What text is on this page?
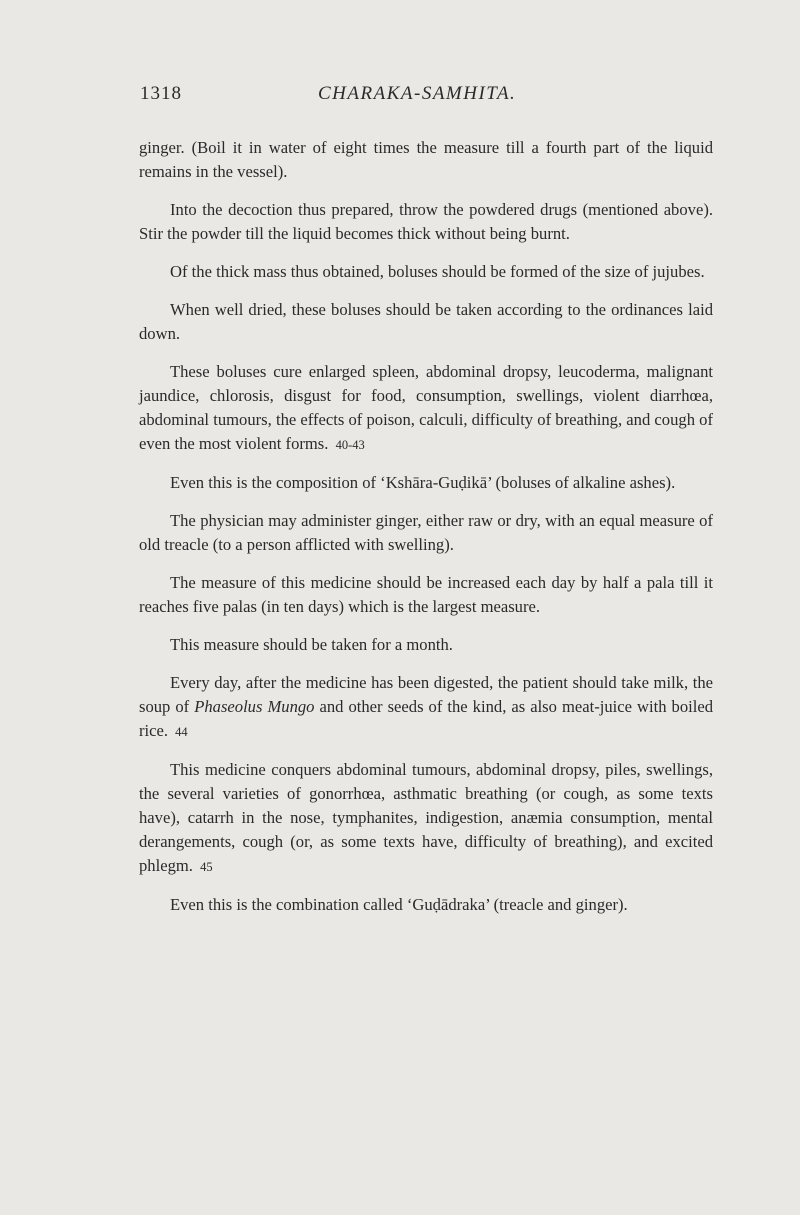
1318	CHARAKA-SAMHITA.

ginger. (Boil it in water of eight times the measure till a fourth part of the liquid remains in the vessel).

Into the decoction thus prepared, throw the powdered drugs (mentioned above). Stir the powder till the liquid becomes thick without being burnt.

Of the thick mass thus obtained, boluses should be formed of the size of jujubes.

When well dried, these boluses should be taken according to the ordinances laid down.

These boluses cure enlarged spleen, abdominal dropsy, leucoderma, malignant jaundice, chlorosis, disgust for food, consumption, swellings, violent diarrhœa, abdominal tumours, the effects of poison, calculi, difficulty of breathing, and cough of even the most violent forms. 40-43

Even this is the composition of ‘Kshāra-Guḍikā’ (boluses of alkaline ashes).

The physician may administer ginger, either raw or dry, with an equal measure of old treacle (to a person afflicted with swelling).

The measure of this medicine should be increased each day by half a pala till it reaches five palas (in ten days) which is the largest measure.

This measure should be taken for a month.

Every day, after the medicine has been digested, the patient should take milk, the soup of Phaseolus Mungo and other seeds of the kind, as also meat-juice with boiled rice. 44

This medicine conquers abdominal tumours, abdominal dropsy, piles, swellings, the several varieties of gonorrhœa, asthmatic breathing (or cough, as some texts have), catarrh in the nose, tymphanites, indigestion, anæmia consumption, mental derangements, cough (or, as some texts have, difficulty of breathing), and excited phlegm. 45

Even this is the combination called ‘Guḍādraka’ (treacle and ginger).
